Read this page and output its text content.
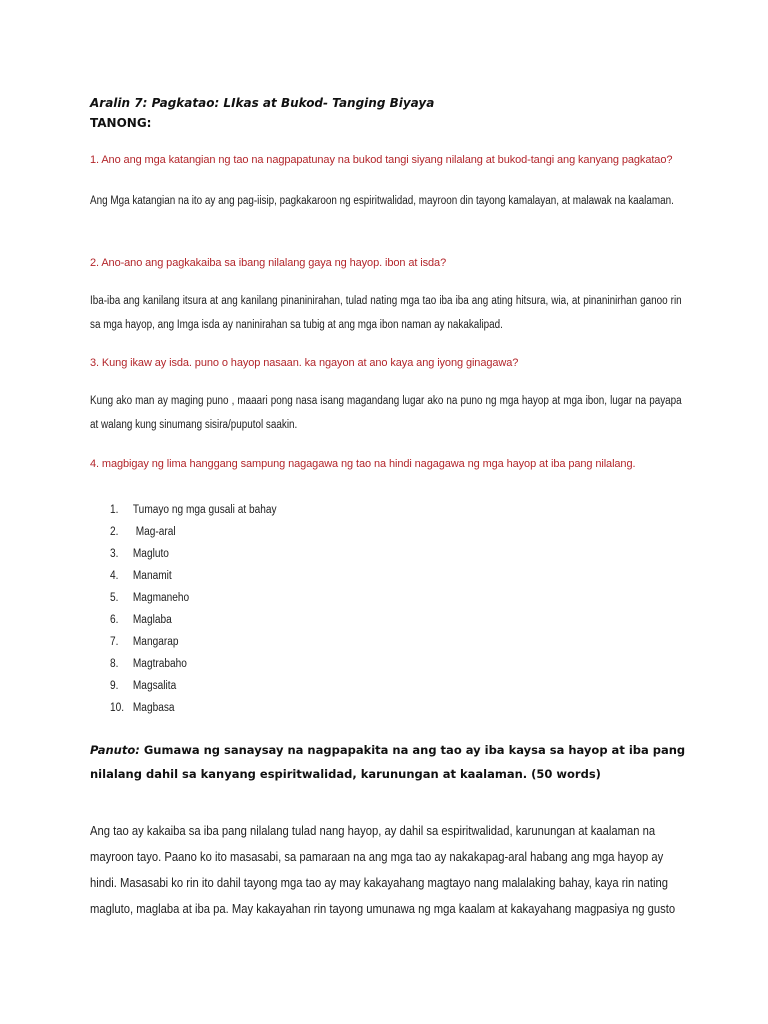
Aralin 7: Pagkatao: LIkas at Bukod- Tanging Biyaya
TANONG:
1. Ano ang mga katangian ng tao na nagpapatunay na bukod tangi siyang nilalang at bukod-tangi ang kanyang pagkatao?
Ang Mga katangian na ito ay ang pag-iisip, pagkakaroon ng espiritwalidad, mayroon din tayong kamalayan, at malawak na kaalaman.
2. Ano-ano ang pagkakaiba sa ibang nilalang gaya ng hayop. ibon at isda?
Iba-iba ang kanilang itsura at ang kanilang pinaninirahan, tulad nating mga tao iba iba ang ating hitsura, wia, at pinaninirhan ganoo rin sa mga hayop, ang Imga isda ay naninirahan sa tubig at ang mga ibon naman ay nakakalipad.
3. Kung ikaw ay isda. puno o hayop nasaan. ka ngayon at ano kaya ang iyong ginagawa?
Kung ako man ay maging puno , maaari pong nasa isang magandang lugar ako na puno ng mga hayop at mga ibon, lugar na payapa at walang kung sinumang sisira/puputol saakin.
4. magbigay ng lima hanggang sampung nagagawa ng tao na hindi nagagawa ng mga hayop at iba pang nilalang.
1.	Tumayo ng mga gusali at bahay
2.	Mag-aral
3.	Magluto
4.	Manamit
5.	Magmaneho
6.	Maglaba
7.	Mangarap
8.	Magtrabaho
9.	Magsalita
10. Magbasa
Panuto: Gumawa ng sanaysay na nagpapakita na ang tao ay iba kaysa sa hayop at iba pang nilalang dahil sa kanyang espiritwalidad, karunungan at kaalaman. (50 words)
Ang tao ay kakaiba sa iba pang nilalang tulad nang hayop, ay dahil sa espiritwalidad, karunungan at kaalaman na mayroon tayo. Paano ko ito masasabi, sa pamaraan na ang mga tao ay nakakapag-aral habang ang mga hayop ay hindi. Masasabi ko rin ito dahil tayong mga tao ay may kakayahang magtayo nang malalaking bahay, kaya rin nating magluto, maglaba at iba pa. May kakayahan rin tayong umunawa ng mga kaalam at kakayahang magpasiya ng gusto
